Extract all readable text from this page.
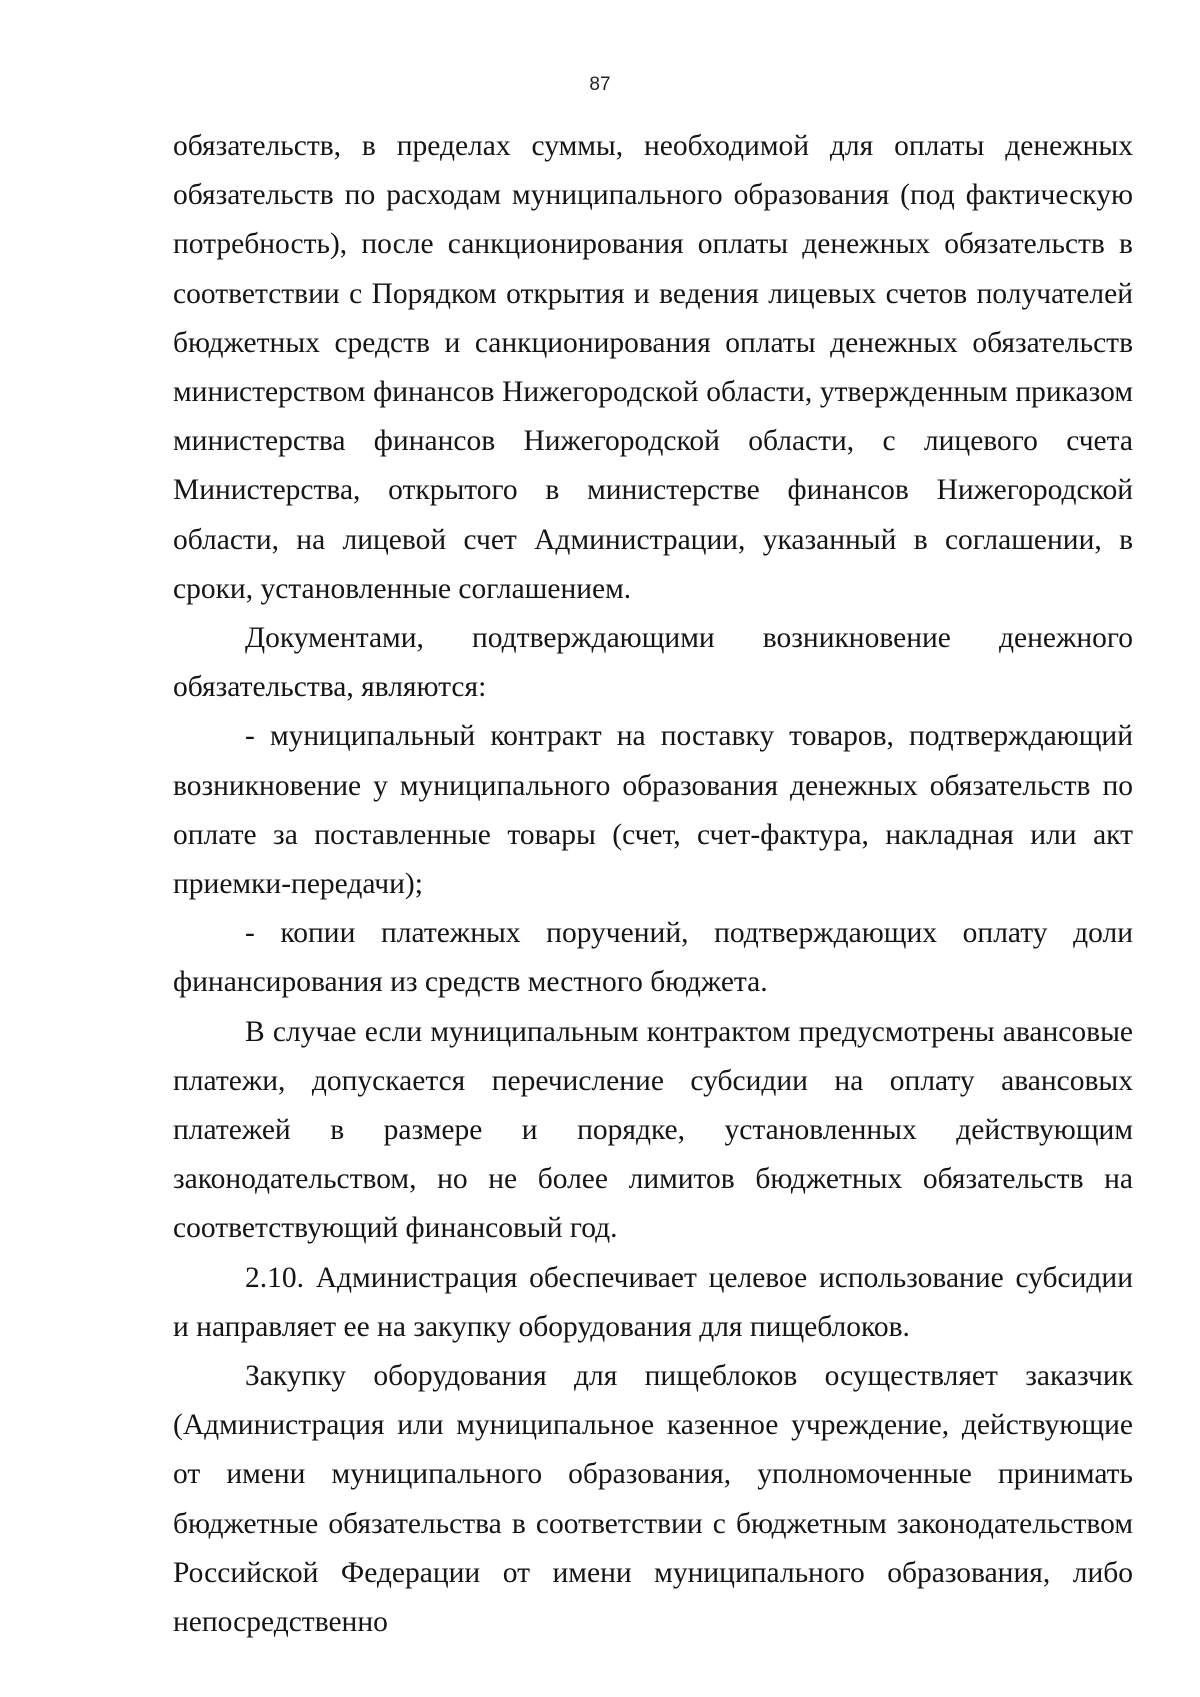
87

обязательств, в пределах суммы, необходимой для оплаты денежных обязательств по расходам муниципального образования (под фактическую потребность), после санкционирования оплаты денежных обязательств в соответствии с Порядком открытия и ведения лицевых счетов получателей бюджетных средств и санкционирования оплаты денежных обязательств министерством финансов Нижегородской области, утвержденным приказом министерства финансов Нижегородской области, с лицевого счета Министерства, открытого в министерстве финансов Нижегородской области, на лицевой счет Администрации, указанный в соглашении, в сроки, установленные соглашением.

Документами, подтверждающими возникновение денежного обязательства, являются:

- муниципальный контракт на поставку товаров, подтверждающий возникновение у муниципального образования денежных обязательств по оплате за поставленные товары (счет, счет-фактура, накладная или акт приемки-передачи);

- копии платежных поручений, подтверждающих оплату доли финансирования из средств местного бюджета.

В случае если муниципальным контрактом предусмотрены авансовые платежи, допускается перечисление субсидии на оплату авансовых платежей в размере и порядке, установленных действующим законодательством, но не более лимитов бюджетных обязательств на соответствующий финансовый год.

2.10. Администрация обеспечивает целевое использование субсидии и направляет ее на закупку оборудования для пищеблоков.

Закупку оборудования для пищеблоков осуществляет заказчик (Администрация или муниципальное казенное учреждение, действующие от имени муниципального образования, уполномоченные принимать бюджетные обязательства в соответствии с бюджетным законодательством Российской Федерации от имени муниципального образования, либо непосредственно
